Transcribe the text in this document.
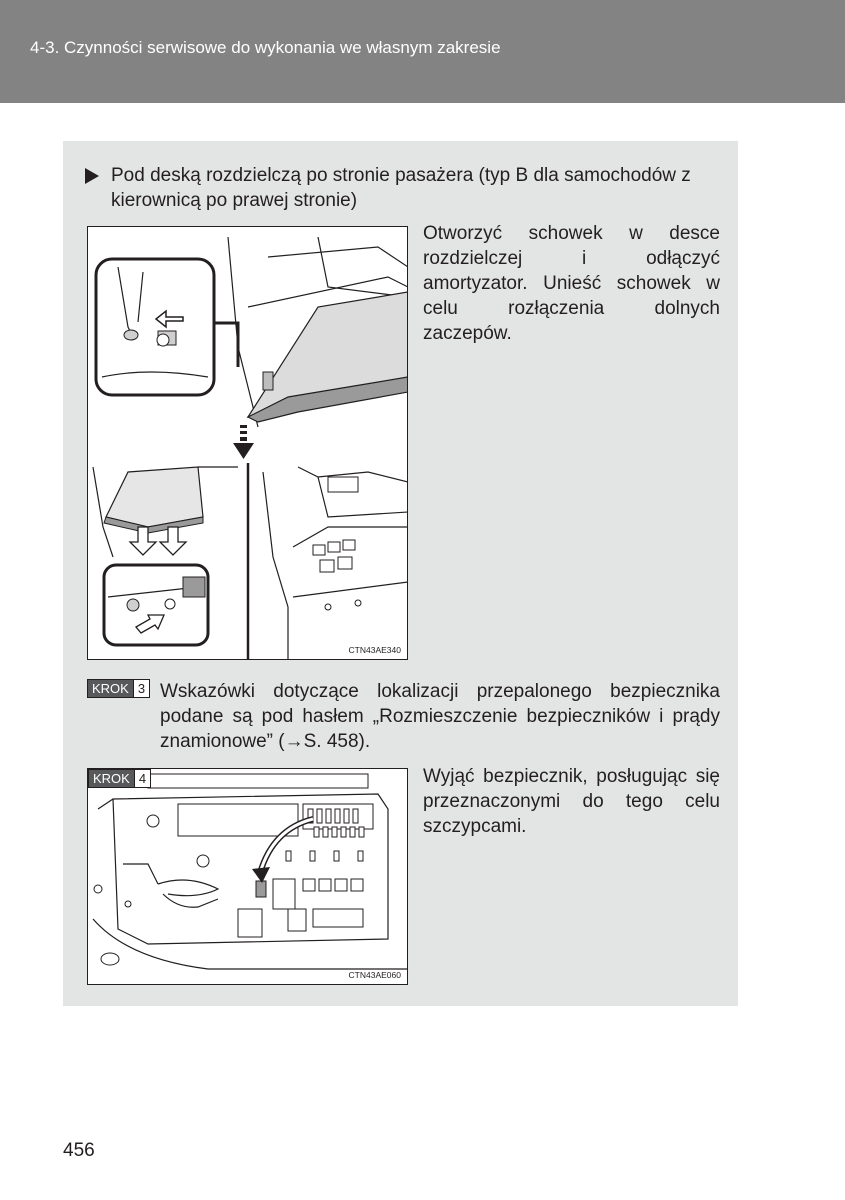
4-3. Czynności serwisowe do wykonania we własnym zakresie
Pod deską rozdzielczą po stronie pasażera (typ B dla samochodów z kierownicą po prawej stronie)
CTN43AE340
Otworzyć schowek w desce rozdzielczej i odłączyć amortyzator. Unieść schowek w celu rozłączenia dolnych zaczepów.
KROK 3 Wskazówki dotyczące lokalizacji przepalonego bezpiecznika podane są pod hasłem „Rozmieszczenie bezpieczników i prądy znamionowe” (→S. 458).
KROK 4
CTN43AE060
Wyjąć bezpiecznik, posługując się przeznaczonymi do tego celu szczypcami.
456
